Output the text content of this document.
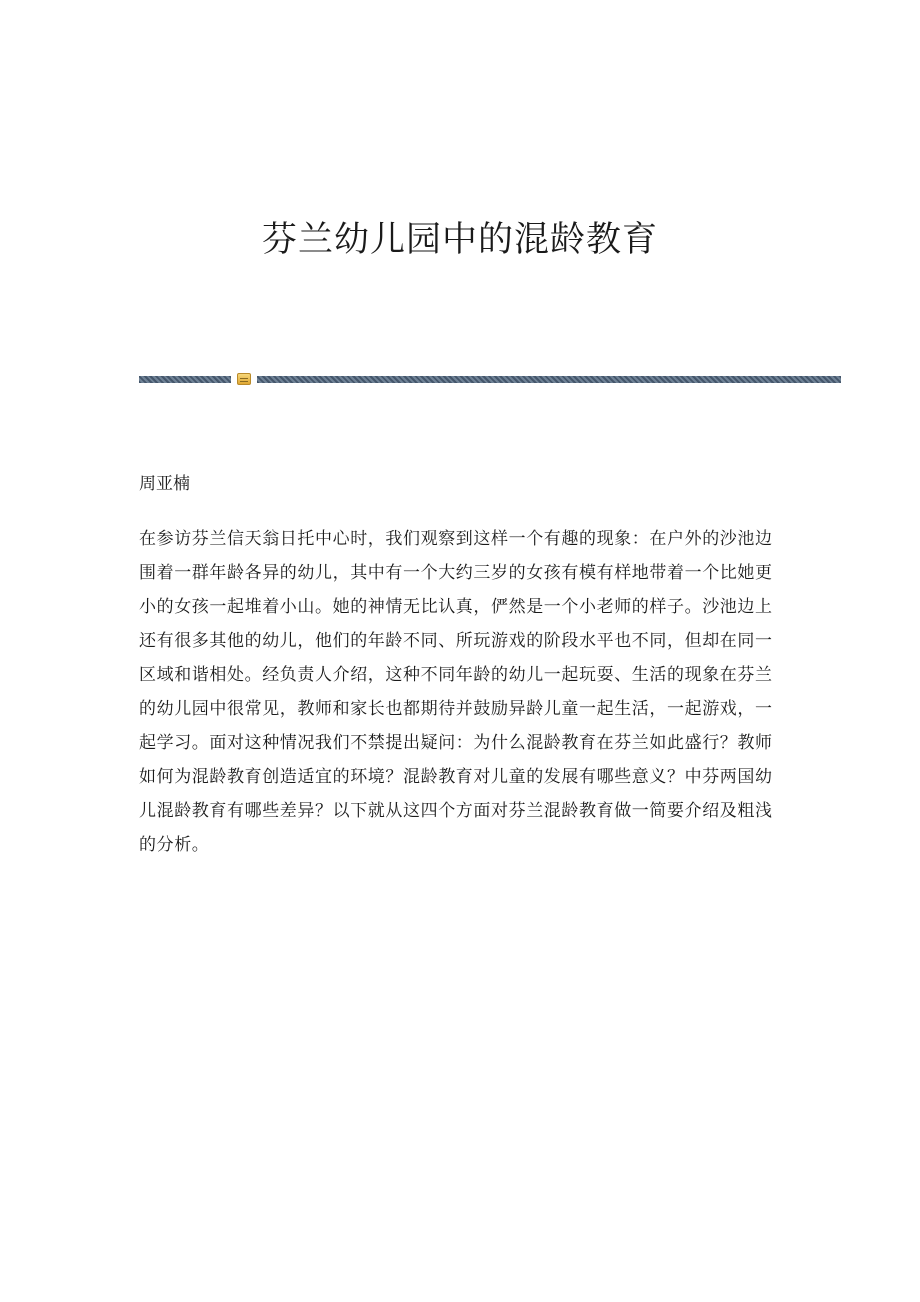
芬兰幼儿园中的混龄教育

周亚楠

在参访芬兰信天翁日托中心时，我们观察到这样一个有趣的现象：在户外的沙池边围着一群年龄各异的幼儿，其中有一个大约三岁的女孩有模有样地带着一个比她更小的女孩一起堆着小山。她的神情无比认真，俨然是一个小老师的样子。沙池边上还有很多其他的幼儿，他们的年龄不同、所玩游戏的阶段水平也不同，但却在同一区域和谐相处。经负责人介绍，这种不同年龄的幼儿一起玩耍、生活的现象在芬兰的幼儿园中很常见，教师和家长也都期待并鼓励异龄儿童一起生活，一起游戏，一起学习。面对这种情况我们不禁提出疑问：为什么混龄教育在芬兰如此盛行？教师如何为混龄教育创造适宜的环境？混龄教育对儿童的发展有哪些意义？中芬两国幼儿混龄教育有哪些差异？以下就从这四个方面对芬兰混龄教育做一简要介绍及粗浅的分析。
